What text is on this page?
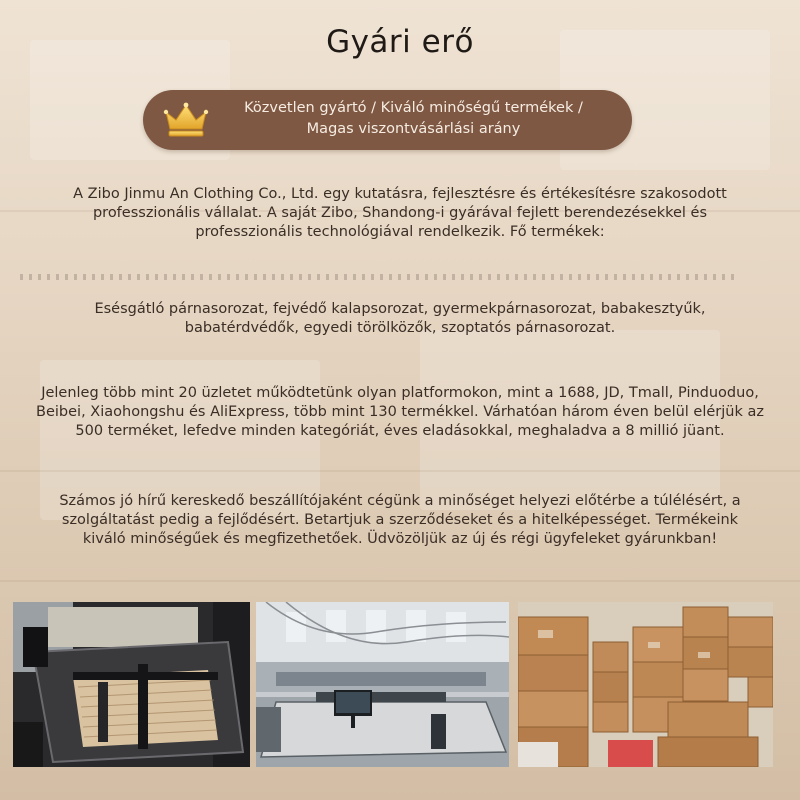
Gyári erő
Közvetlen gyártó / Kiváló minőségű termékek /
Magas viszontvásárlási arány
A Zibo Jinmu An Clothing Co., Ltd. egy kutatásra, fejlesztésre és értékesítésre szakosodott
professzionális vállalat. A saját Zibo, Shandong-i gyárával fejlett berendezésekkel és
professzionális technológiával rendelkezik. Fő termékek:
Esésgátló párnasorozat, fejvédő kalapsorozat, gyermekpárnasorozat, babakesztyűk,
babatérdvédők, egyedi törölközők, szoptatós párnasorozat.
Jelenleg több mint 20 üzletet működtetünk olyan platformokon, mint a 1688, JD, Tmall, Pinduoduo,
Beibei, Xiaohongshu és AliExpress, több mint 130 termékkel. Várhatóan három éven belül elérjük az
500 terméket, lefedve minden kategóriát, éves eladásokkal, meghaladva a 8 millió jüant.
Számos jó hírű kereskedő beszállítójaként cégünk a minőséget helyezi előtérbe a túlélésért, a
szolgáltatást pedig a fejlődésért. Betartjuk a szerződéseket és a hitelképességet. Termékeink
kiváló minőségűek és megfizethetőek. Üdvözöljük az új és régi ügyfeleket gyárunkban!
